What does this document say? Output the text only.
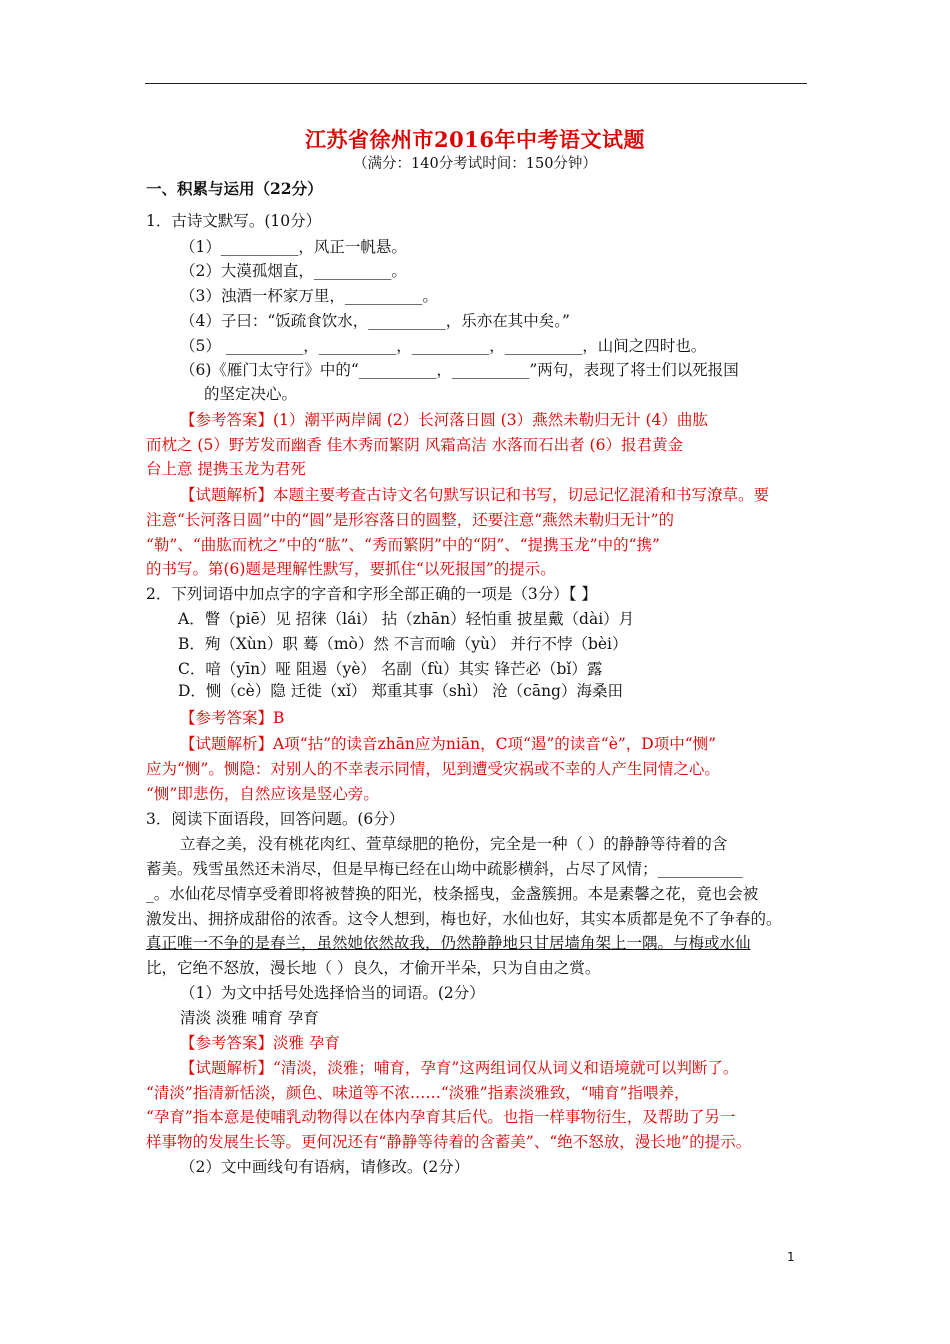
江苏省徐州市2016年中考语文试题
（满分：140分考试时间：150分钟）
一、积累与运用（22分）
1．古诗文默写。(10分）
（1）__________，风正一帆悬。
（2）大漠孤烟直，__________。
（3）浊酒一杯家万里，__________。
（4）子曰：“饭疏食饮水，__________，乐亦在其中矣。”
（5） __________，__________，__________，__________，山间之四时也。
（6)《雁门太守行》中的“__________，__________”两句，表现了将士们以死报国
的坚定决心。
【参考答案】(1）潮平两岸阔 (2）长河落日圆 (3）燕然未勒归无计 (4）曲肱
而枕之 (5）野芳发而幽香 佳木秀而繁阴 风霜高洁 水落而石出者 (6）报君黄金
台上意 提携玉龙为君死
【试题解析】本题主要考查古诗文名句默写识记和书写，切忌记忆混淆和书写潦草。要
注意“长河落日圆”中的“圆”是形容落日的圆整，还要注意“燕然未勒归无计”的
“勒”、“曲肱而枕之”中的“肱”、“秀而繁阴”中的“阴”、“提携玉龙”中的“携”
的书写。第(6)题是理解性默写，要抓住“以死报国”的提示。
2．下列词语中加点字的字音和字形全部正确的一项是（3分）【 】
A．瞥（piē）见 招徕（lái） 拈（zhān）轻怕重 披星戴（dài）月
B．殉（Xùn）职 蓦（mò）然 不言而喻（yù） 并行不悖（bèi）
C．喑（yīn）哑 阻遏（yè） 名副（fù）其实 锋芒必（bǐ）露
D．恻（cè）隐 迁徙（xǐ） 郑重其事（shì） 沧（cāng）海桑田
【参考答案】B
【试题解析】A项“拈”的读音zhān应为niān，C项“遏”的读音“è”，D项中“恻”
应为“恻”。恻隐：对别人的不幸表示同情，见到遭受灾祸或不幸的人产生同情之心。
“恻”即悲伤，自然应该是竖心旁。
3．阅读下面语段，回答问题。(6分）
立春之美，没有桃花肉红、萱草绿肥的艳份，完全是一种（ ）的静静等待着的含
蓄美。残雪虽然还未消尽，但是早梅已经在山坳中疏影横斜，占尽了风情；___________
_。水仙花尽情享受着即将被替换的阳光，枝条摇曳，金盏簇拥。本是素馨之花，竟也会被
激发出、拥挤成甜俗的浓香。这令人想到，梅也好，水仙也好，其实本质都是免不了争春的。
真正唯一不争的是春兰，虽然她依然故我，仍然静静地只甘居墙角架上一隅。与梅或水仙
比，它绝不怒放，漫长地（ ）良久，才偷开半朵，只为自由之赏。
（1）为文中括号处选择恰当的词语。(2分）
清淡 淡雅 哺育 孕育
【参考答案】淡雅 孕育
【试题解析】“清淡，淡雅；哺育，孕育”这两组词仅从词义和语境就可以判断了。
“清淡”指清新恬淡，颜色、味道等不浓……“淡雅”指素淡雅致，“哺育”指喂养，
“孕育”指本意是使哺乳动物得以在体内孕育其后代。也指一样事物衍生，及帮助了另一
样事物的发展生长等。更何况还有“静静等待着的含蓄美”、“绝不怒放，漫长地”的提示。
（2）文中画线句有语病，请修改。(2分）
1
